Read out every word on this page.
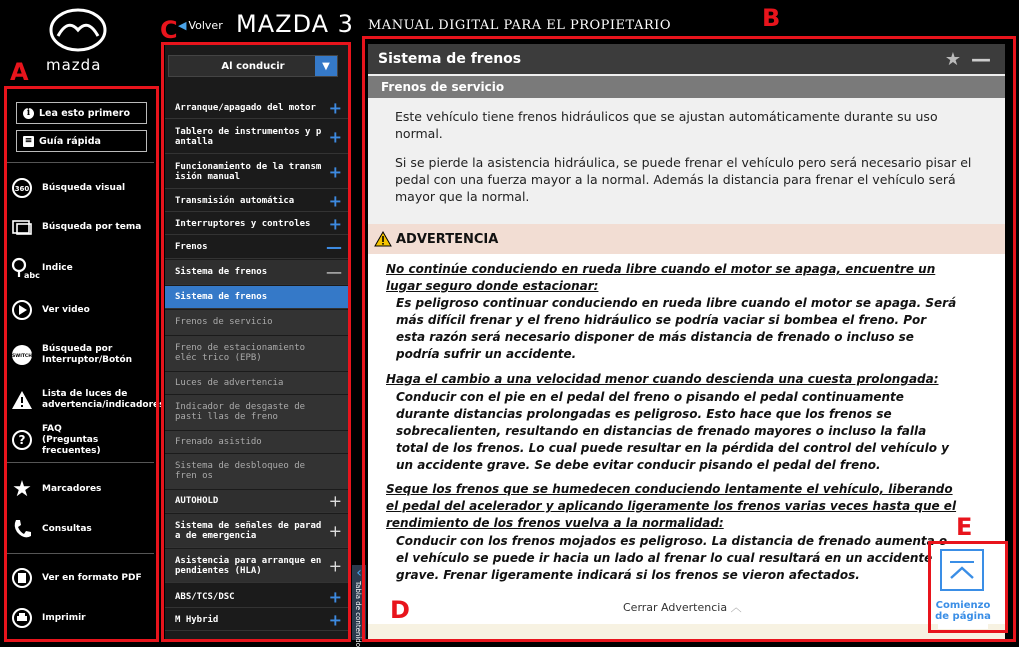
mazda
◀ Volver MAZDA 3 MANUAL DIGITAL PARA EL PROPIETARIO
i Lea esto primero
≡ Guía rápida
360 Búsqueda visual
Búsqueda por tema
abc
Indice
Ver video
SWITCH
Búsqueda por
Interruptor/Botón
Lista de luces de
advertencia/indicadores
?
FAQ
(Preguntas frecuentes)
★ Marcadores
Consultas
Ver en formato PDF
Imprimir
Al conducir	▼
Arranque/apagado del motor +
Tablero de instrumentos y p antalla	+
Funcionamiento de la transm isión manual	+
Transmisión automática +
Interruptores y controles +
Frenos	—
Sistema de frenos	—
Sistema de frenos
Frenos de servicio
Freno de estacionamiento eléc trico (EPB)
Luces de advertencia
Indicador de desgaste de pasti llas de freno
Frenado asistido
Sistema de desbloqueo de fren os
AUTOHOLD	+
Sistema de señales de parad a de emergencia	+
Asistencia para arranque en pendientes (HLA)	+
ABS/TCS/DSC	+
M Hybrid	+
‹
Tabla de contenido
Sistema de frenos	★ —
Frenos de servicio
Este vehículo tiene frenos hidráulicos que se ajustan automáticamente durante su uso normal.
Si se pierde la asistencia hidráulica, se puede frenar el vehículo pero será necesario pisar el pedal con una fuerza mayor a la normal. Además la distancia para frenar el vehículo será mayor que la normal.
ADVERTENCIA
No continúe conduciendo en rueda libre cuando el motor se apaga, encuentre un lugar seguro donde estacionar:
Es peligroso continuar conduciendo en rueda libre cuando el motor se apaga. Será más difícil frenar y el freno hidráulico se podría vaciar si bombea el freno. Por esta razón será necesario disponer de más distancia de frenado o incluso se podría sufrir un accidente.
Haga el cambio a una velocidad menor cuando descienda una cuesta prolongada:
Conducir con el pie en el pedal del freno o pisando el pedal continuamente durante distancias prolongadas es peligroso. Esto hace que los frenos se sobrecalienten, resultando en distancias de frenado mayores o incluso la falla total de los frenos. Lo cual puede resultar en la pérdida del control del vehículo y un accidente grave. Se debe evitar conducir pisando el pedal del freno.
Seque los frenos que se humedecen conduciendo lentamente el vehículo, liberando el pedal del acelerador y aplicando ligeramente los frenos varias veces hasta que el rendimiento de los frenos vuelva a la normalidad:
Conducir con los frenos mojados es peligroso. La distancia de frenado aumenta o el vehículo se puede ir hacia un lado al frenar lo cual resultará en un accidente grave. Frenar ligeramente indicará si los frenos se vieron afectados.
Cerrar Advertencia ︿	Comienzo de página
A
B
C
D
E
